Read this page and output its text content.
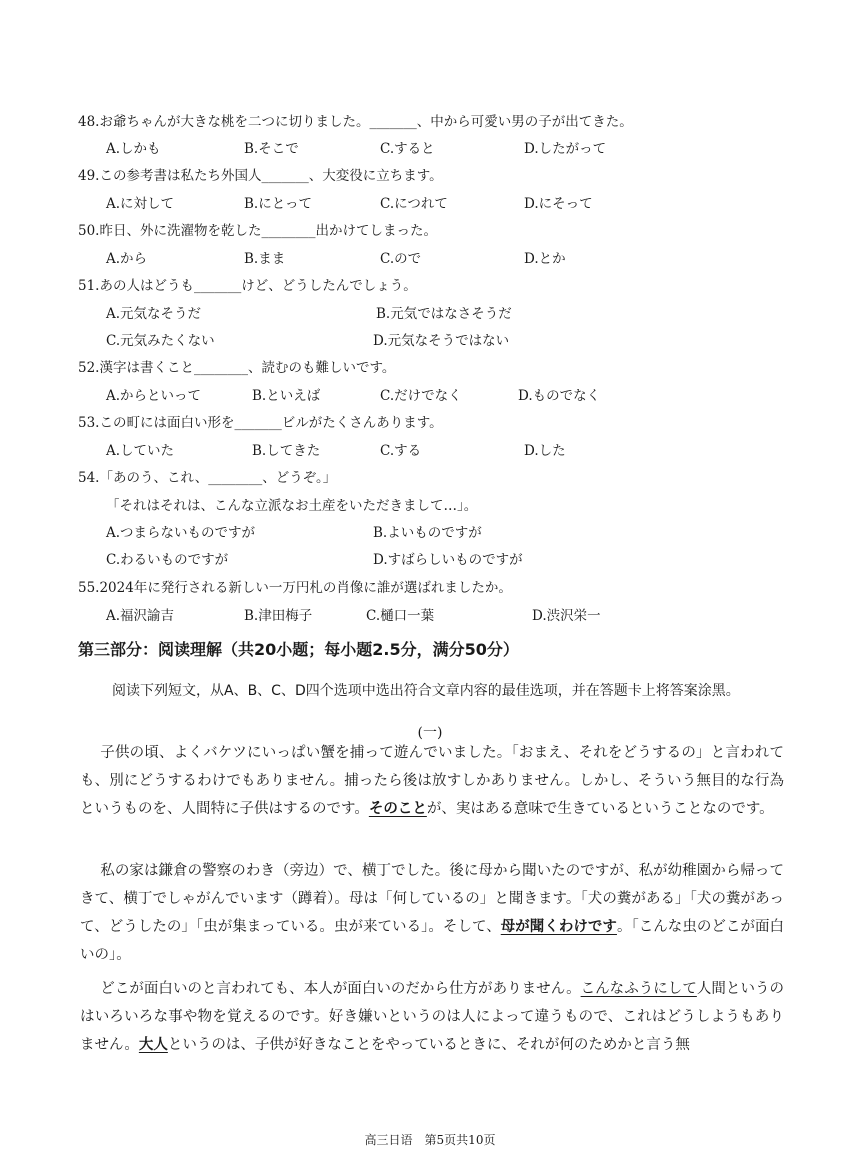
48.お爺ちゃんが大きな桃を二つに切りました。_______、中から可愛い男の子が出てきた。
A.しかも	B.そこで	C.すると	D.したがって
49.この参考書は私たち外国人_______、大変役に立ちます。
A.に対して	B.にとって	C.につれて	D.にそって
50.昨日、外に洗濯物を乾した________出かけてしまった。
A.から	B.まま	C.ので	D.とか
51.あの人はどうも_______けど、どうしたんでしょう。
A.元気なそうだ	B.元気ではなさそうだ
C.元気みたくない	D.元気なそうではない
52.漢字は書くこと________、読むのも難しいです。
A.からといって	B.といえば	C.だけでなく	D.ものでなく
53.この町には面白い形を_______ビルがたくさんあります。
A.していた	B.してきた	C.する	D.した
54.「あのう、これ、________、どうぞ。」
「それはそれは、こんな立派なお土産をいただきまして…」。
A.つまらないものですが	B.よいものですが
C.わるいものですが	D.すばらしいものですが
55.2024年に発行される新しい一万円札の肖像に誰が選ばれましたか。
A.福沢諭吉	B.津田梅子	C.樋口一葉	D.渋沢栄一
第三部分：阅读理解（共20小题；每小题2.5分，满分50分）
阅读下列短文，从A、B、C、D四个选项中选出符合文章内容的最佳选项，并在答题卡上将答案涂黑。
(一)
子供の頃、よくバケツにいっぱい蟹を捕って遊んでいました。「おまえ、それをどうするの」と言われても、別にどうするわけでもありません。捕ったら後は放すしかありません。しかし、そういう無目的な行為というものを、人間特に子供はするのです。そのことが、実はある意味で生きているということなのです。
私の家は鎌倉の警察のわき（旁边）で、横丁でした。後に母から聞いたのですが、私が幼稚園から帰ってきて、横丁でしゃがんでいます（蹲着）。母は「何しているの」と聞きます。「犬の糞がある」「犬の糞があって、どうしたの」「虫が集まっている。虫が来ている」。そして、母が聞くわけです。「こんな虫のどこが面白いの」。
どこが面白いのと言われても、本人が面白いのだから仕方がありません。こんなふうにして人間というのはいろいろな事や物を覚えるのです。好き嫌いというのは人によって違うもので、これはどうしようもありません。大人というのは、子供が好きなことをやっているときに、それが何のためかと言う無
高三日语　第5页共10页
